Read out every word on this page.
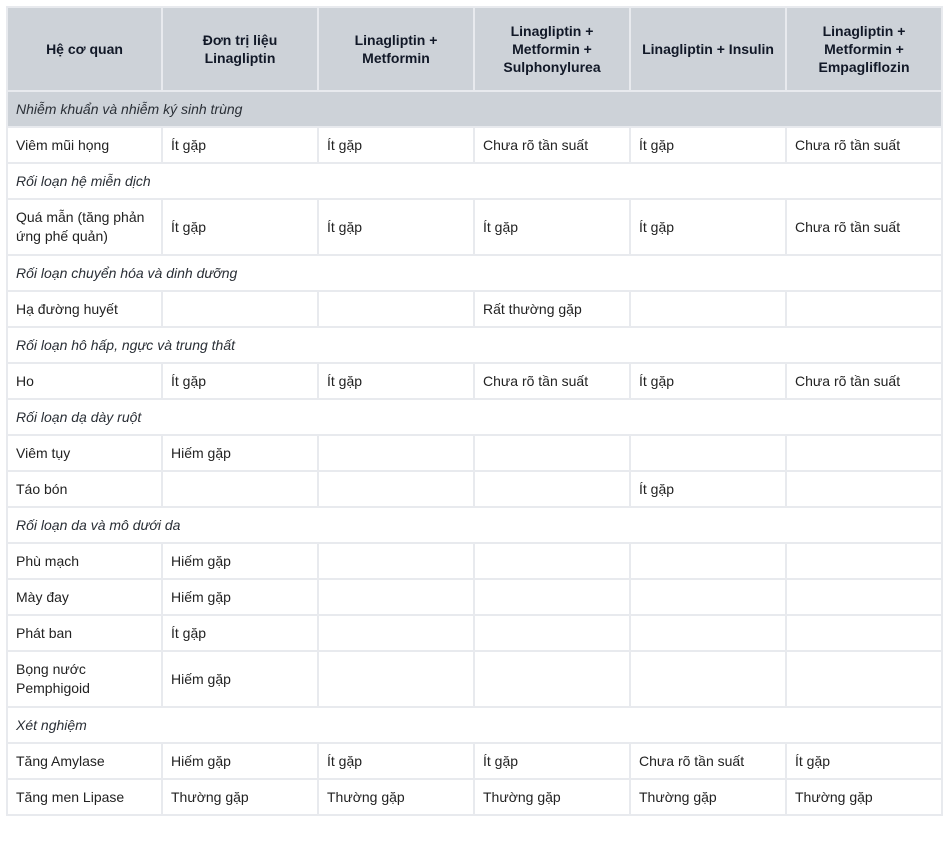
Hệ cơ quan	Đơn trị liệu Linagliptin	Linagliptin + Metformin	Linagliptin + Metformin + Sulphonylurea	Linagliptin + Insulin	Linagliptin + Metformin + Empagliflozin
Nhiễm khuẩn và nhiễm ký sinh trùng					
Viêm mũi họng	Ít gặp	Ít gặp	Chưa rõ tần suất	Ít gặp	Chưa rõ tần suất
Rối loạn hệ miễn dịch					
Quá mẫn (tăng phản ứng phế quản)	Ít gặp	Ít gặp	Ít gặp	Ít gặp	Chưa rõ tần suất
Rối loạn chuyển hóa và dinh dưỡng					
Hạ đường huyết			Rất thường gặp		
Rối loạn hô hấp, ngực và trung thất					
Ho	Ít gặp	Ít gặp	Chưa rõ tần suất	Ít gặp	Chưa rõ tần suất
Rối loạn dạ dày ruột					
Viêm tụy	Hiếm gặp				
Táo bón				Ít gặp	
Rối loạn da và mô dưới da					
Phù mạch	Hiếm gặp				
Mày đay	Hiếm gặp				
Phát ban	Ít gặp				
Bọng nước Pemphigoid	Hiếm gặp				
Xét nghiệm					
Tăng Amylase	Hiếm gặp	Ít gặp	Ít gặp	Chưa rõ tần suất	Ít gặp
Tăng men Lipase	Thường gặp	Thường gặp	Thường gặp	Thường gặp	Thường gặp
